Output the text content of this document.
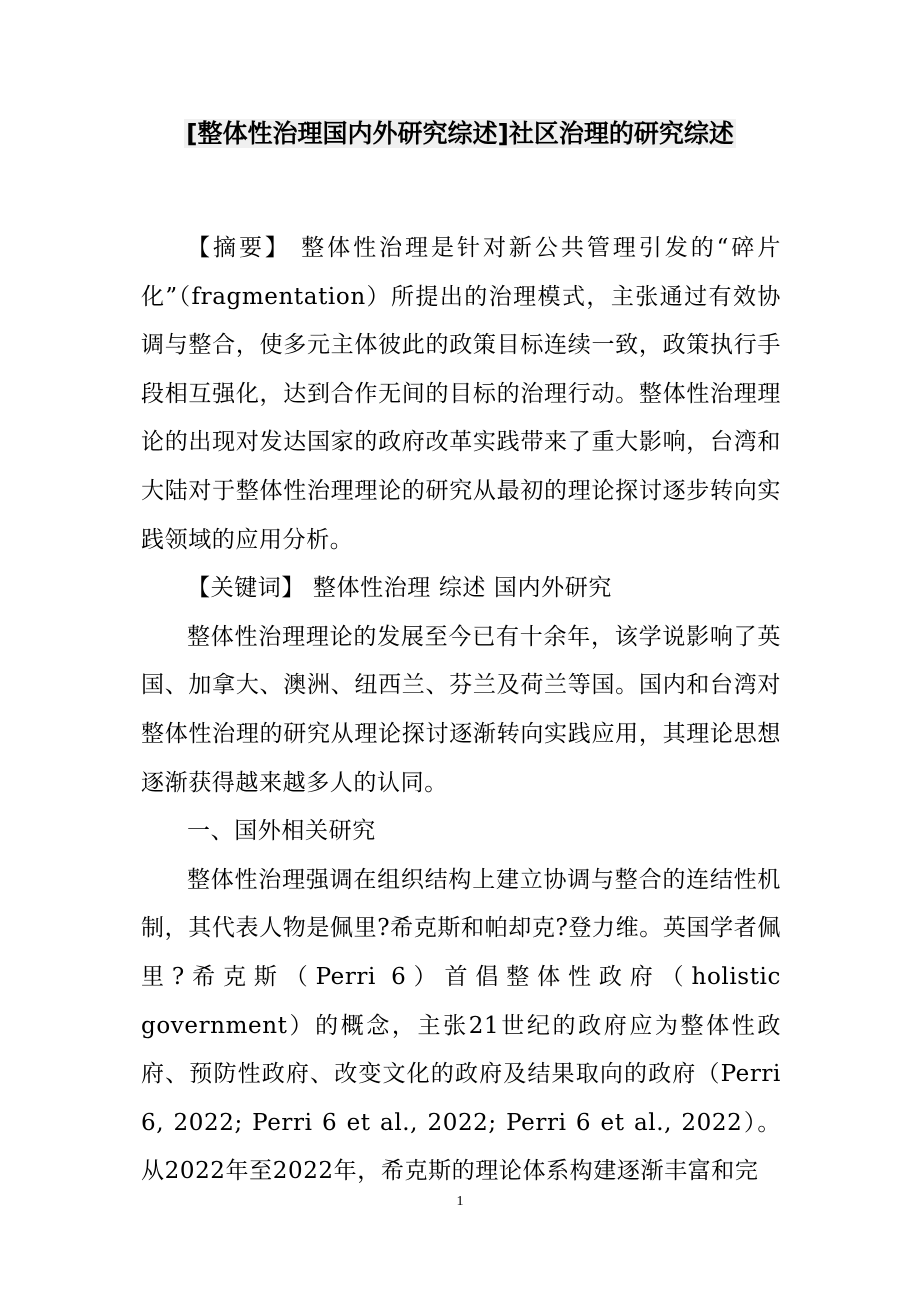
[整体性治理国内外研究综述]社区治理的研究综述

【摘要】 整体性治理是针对新公共管理引发的“碎片化”（fragmentation）所提出的治理模式，主张通过有效协调与整合，使多元主体彼此的政策目标连续一致，政策执行手段相互强化，达到合作无间的目标的治理行动。整体性治理理论的出现对发达国家的政府改革实践带来了重大影响，台湾和大陆对于整体性治理理论的研究从最初的理论探讨逐步转向实践领域的应用分析。

【关键词】 整体性治理 综述 国内外研究

整体性治理理论的发展至今已有十余年，该学说影响了英国、加拿大、澳洲、纽西兰、芬兰及荷兰等国。国内和台湾对整体性治理的研究从理论探讨逐渐转向实践应用，其理论思想逐渐获得越来越多人的认同。

一、国外相关研究

整体性治理强调在组织结构上建立协调与整合的连结性机制，其代表人物是佩里?希克斯和帕却克?登力维。英国学者佩里?希克斯（Perri 6）首倡整体性政府（holistic government）的概念，主张21世纪的政府应为整体性政府、预防性政府、改变文化的政府及结果取向的政府（Perri 6, 2022; Perri 6 et al., 2022; Perri 6 et al., 2022）。从2022年至2022年，希克斯的理论体系构建逐渐丰富和完

1
